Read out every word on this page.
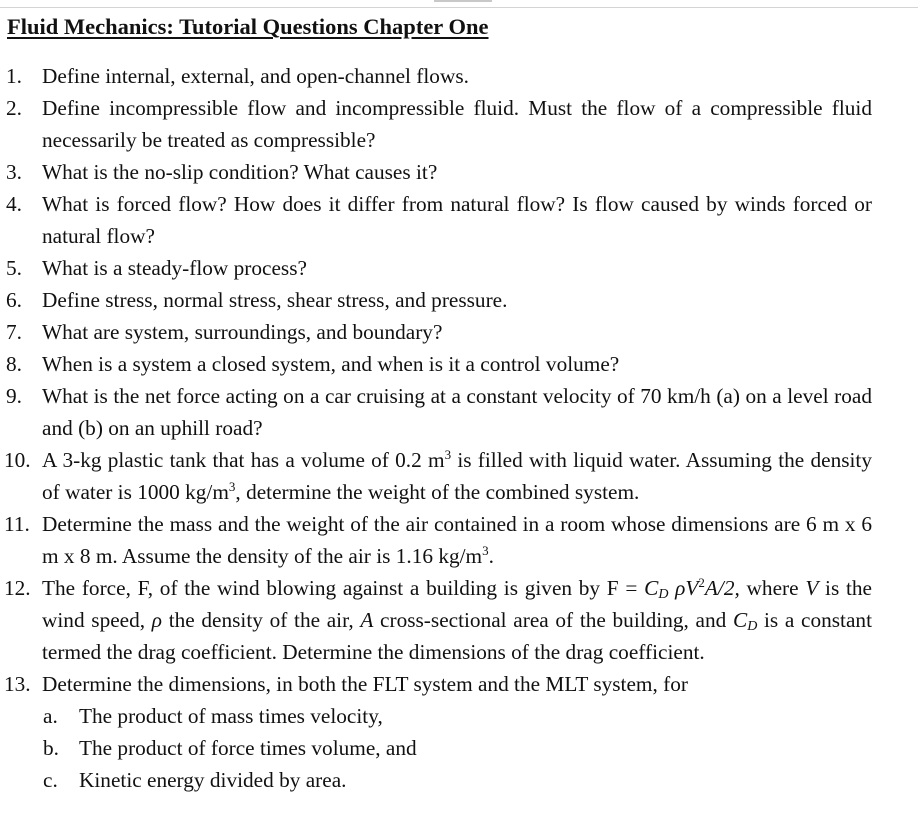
Fluid Mechanics: Tutorial Questions Chapter One
1. Define internal, external, and open-channel flows.
2. Define incompressible flow and incompressible fluid. Must the flow of a compressible fluid necessarily be treated as compressible?
3. What is the no-slip condition? What causes it?
4. What is forced flow? How does it differ from natural flow? Is flow caused by winds forced or natural flow?
5. What is a steady-flow process?
6. Define stress, normal stress, shear stress, and pressure.
7. What are system, surroundings, and boundary?
8. When is a system a closed system, and when is it a control volume?
9. What is the net force acting on a car cruising at a constant velocity of 70 km/h (a) on a level road and (b) on an uphill road?
10. A 3-kg plastic tank that has a volume of 0.2 $m^3$ is filled with liquid water. Assuming the density of water is 1000 $kg/m^3$, determine the weight of the combined system.
11. Determine the mass and the weight of the air contained in a room whose dimensions are 6 m x 6 m x 8 m. Assume the density of the air is 1.16 $kg/m^3$.
12. The force, F, of the wind blowing against a building is given by $F = C_D$ $\rho V^2A/2$, where V is the wind speed, ρ the density of the air, A cross-sectional area of the building, and $C_D$ is a constant termed the drag coefficient. Determine the dimensions of the drag coefficient.
13. Determine the dimensions, in both the FLT system and the MLT system, for
a. The product of mass times velocity,
b. The product of force times volume, and
c. Kinetic energy divided by area.
